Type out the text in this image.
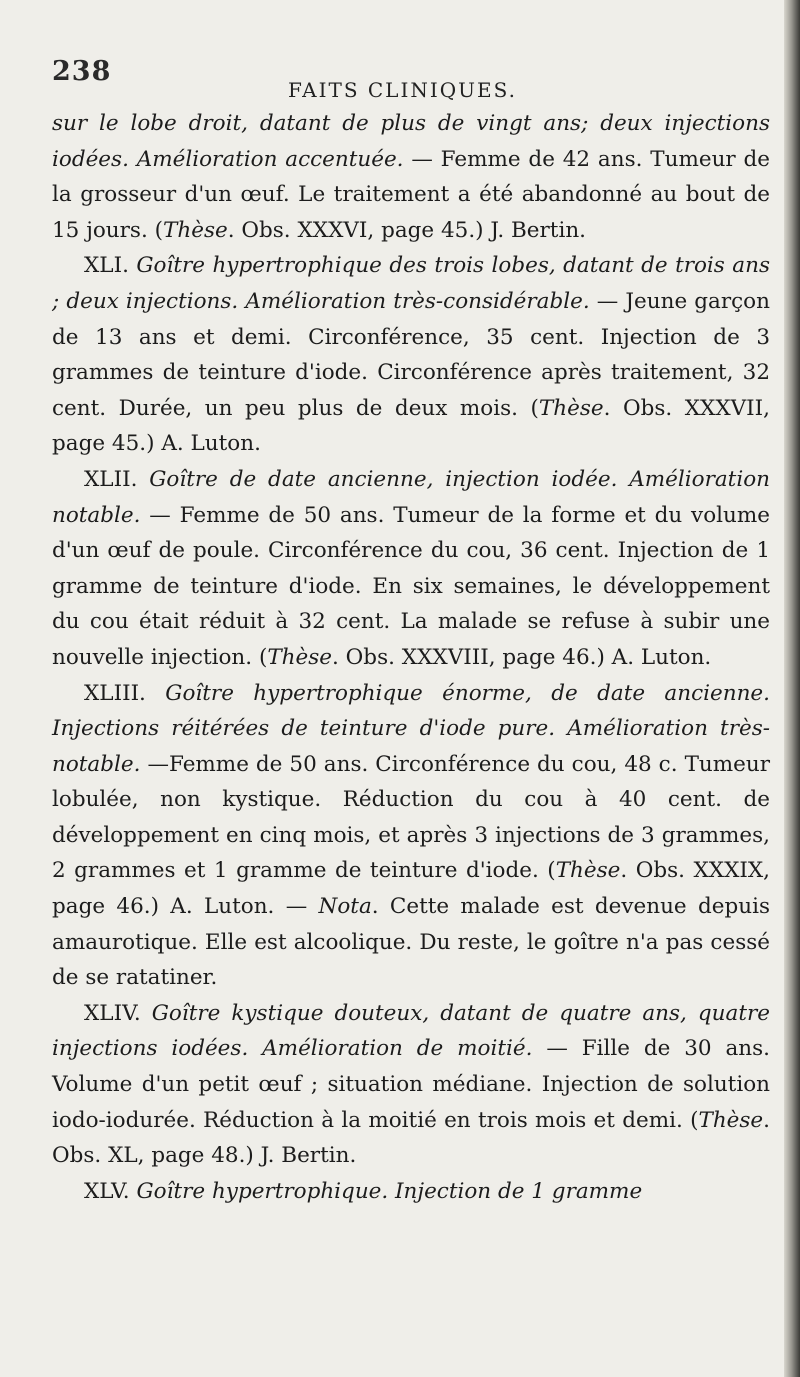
238
FAITS CLINIQUES.

sur le lobe droit, datant de plus de vingt ans; deux injections iodées. Amélioration accentuée. — Femme de 42 ans. Tumeur de la grosseur d'un œuf. Le traitement a été abandonné au bout de 15 jours. (Thèse. Obs. XXXVI, page 45.) J. Bertin.

XLI. Goître hypertrophique des trois lobes, datant de trois ans ; deux injections. Amélioration très-considérable. — Jeune garçon de 13 ans et demi. Circonférence, 35 cent. Injection de 3 grammes de teinture d'iode. Circonférence après traitement, 32 cent. Durée, un peu plus de deux mois. (Thèse. Obs. XXXVII, page 45.) A. Luton.

XLII. Goître de date ancienne, injection iodée. Amélioration notable. — Femme de 50 ans. Tumeur de la forme et du volume d'un œuf de poule. Circonférence du cou, 36 cent. Injection de 1 gramme de teinture d'iode. En six semaines, le développement du cou était réduit à 32 cent. La malade se refuse à subir une nouvelle injection. (Thèse. Obs. XXXVIII, page 46.) A. Luton.

XLIII. Goître hypertrophique énorme, de date ancienne. Injections réitérées de teinture d'iode pure. Amélioration très-notable. —Femme de 50 ans. Circonférence du cou, 48 c. Tumeur lobulée, non kystique. Réduction du cou à 40 cent. de développement en cinq mois, et après 3 injections de 3 grammes, 2 grammes et 1 gramme de teinture d'iode. (Thèse. Obs. XXXIX, page 46.) A. Luton. — Nota. Cette malade est devenue depuis amaurotique. Elle est alcoolique. Du reste, le goître n'a pas cessé de se ratatiner.

XLIV. Goître kystique douteux, datant de quatre ans, quatre injections iodées. Amélioration de moitié. — Fille de 30 ans. Volume d'un petit œuf ; situation médiane. Injection de solution iodo-iodurée. Réduction à la moitié en trois mois et demi. (Thèse. Obs. XL, page 48.) J. Bertin.

XLV. Goître hypertrophique. Injection de 1 gramme
